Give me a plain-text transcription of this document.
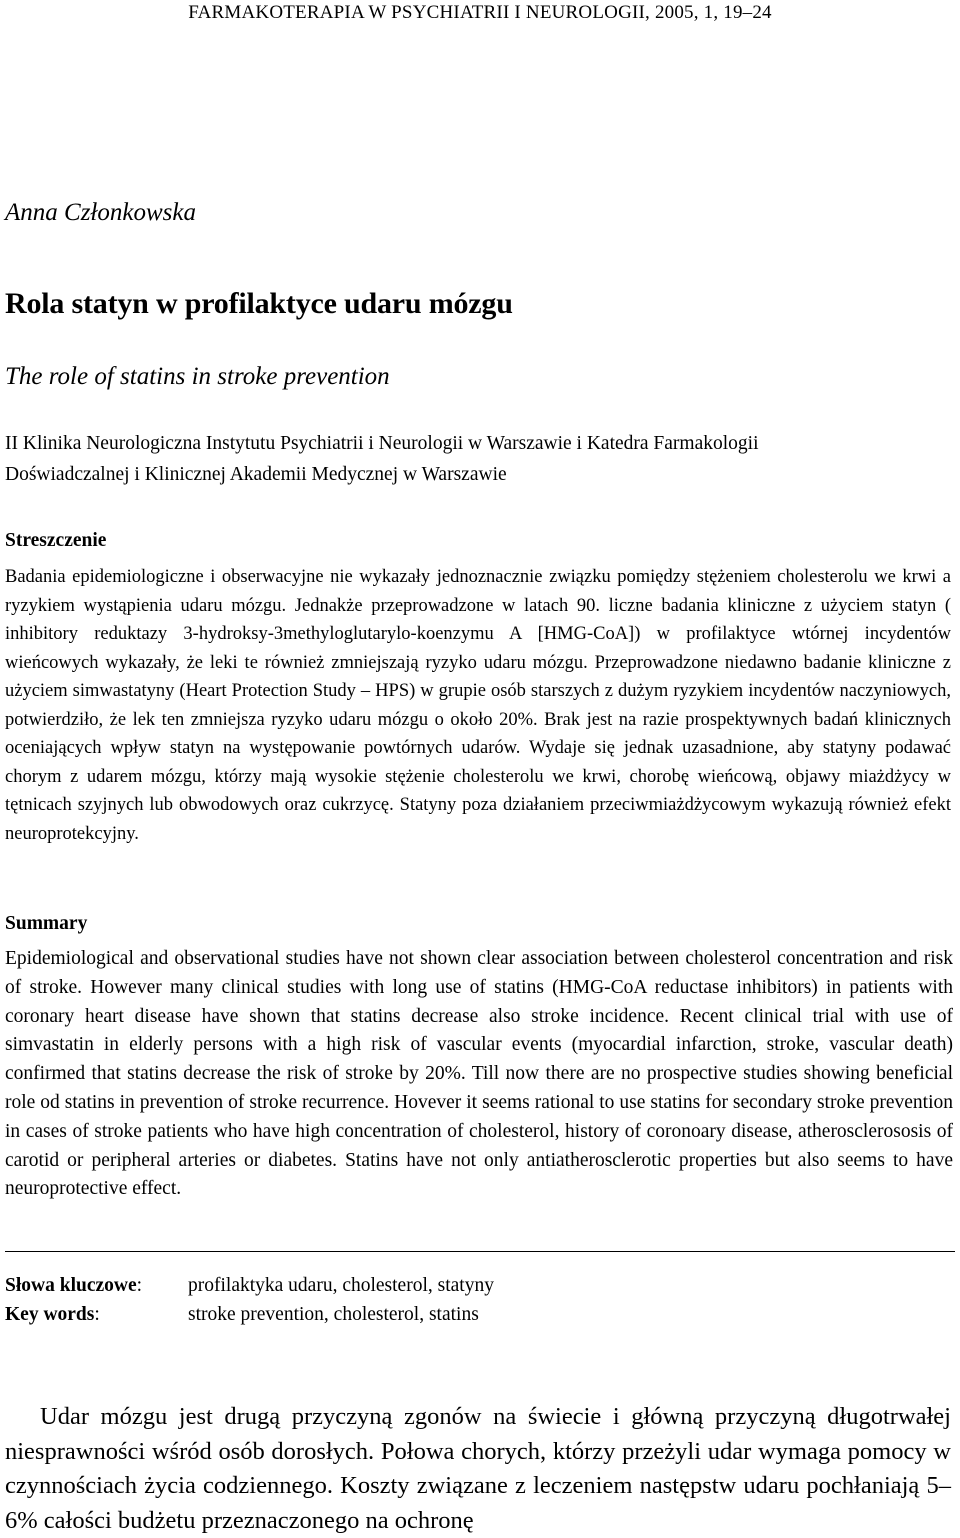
FARMAKOTERAPIA W PSYCHIATRII I NEUROLOGII, 2005, 1, 19–24
Anna Członkowska
Rola statyn w profilaktyce udaru mózgu
The role of statins in stroke prevention
II Klinika Neurologiczna Instytutu Psychiatrii i Neurologii w Warszawie i Katedra Farmakologii
Doświadczalnej i Klinicznej Akademii Medycznej w Warszawie
Streszczenie
Badania epidemiologiczne i obserwacyjne nie wykazały jednoznacznie związku pomiędzy stężeniem cholesterolu we krwi a ryzykiem wystąpienia udaru mózgu. Jednakże przeprowadzone w latach 90. liczne badania kliniczne z użyciem statyn ( inhibitory reduktazy 3-hydroksy-3methyloglutarylo-koenzymu A [HMG-CoA]) w profilaktyce wtórnej incydentów wieńcowych wykazały, że leki te również zmniejszają ryzyko udaru mózgu. Przeprowadzone niedawno badanie kliniczne z użyciem simwastatyny (Heart Protection Study – HPS) w grupie osób starszych z dużym ryzykiem incydentów naczyniowych, potwierdziło, że lek ten zmniejsza ryzyko udaru mózgu o około 20%. Brak jest na razie prospektywnych badań klinicznych oceniających wpływ statyn na występowanie powtórnych udarów. Wydaje się jednak uzasadnione, aby statyny podawać chorym z udarem mózgu, którzy mają wysokie stężenie cholesterolu we krwi, chorobę wieńcową, objawy miażdżycy w tętnicach szyjnych lub obwodowych oraz cukrzycę. Statyny poza działaniem przeciwmiażdżycowym wykazują również efekt neuroprotekcyjny.
Summary
Epidemiological and observational studies have not shown clear association between cholesterol concentration and risk of stroke. However many clinical studies with long use of statins (HMG-CoA reductase inhibitors) in patients with coronary heart disease have shown that statins decrease also stroke incidence. Recent clinical trial with use of simvastatin in elderly persons with a high risk of vascular events (myocardial infarction, stroke, vascular death) confirmed that statins decrease the risk of stroke by 20%. Till now there are no prospective studies showing beneficial role od statins in prevention of stroke recurrence. Hovever it seems rational to use statins for secondary stroke prevention in cases of stroke patients who have high concentration of cholesterol, history of coronoary disease, atherosclerososis of carotid or peripheral arteries or diabetes. Statins have not only antiatherosclerotic properties but also seems to have neuroprotective effect.
Słowa kluczowe:	profilaktyka udaru, cholesterol, statyny
Key words:	stroke prevention, cholesterol, statins
Udar mózgu jest drugą przyczyną zgonów na świecie i główną przyczyną długotrwałej niesprawności wśród osób dorosłych. Połowa chorych, którzy przeżyli udar wymaga pomocy w czynnościach życia codziennego. Koszty związane z leczeniem następstw udaru pochłaniają 5–6% całości budżetu przeznaczonego na ochronę
